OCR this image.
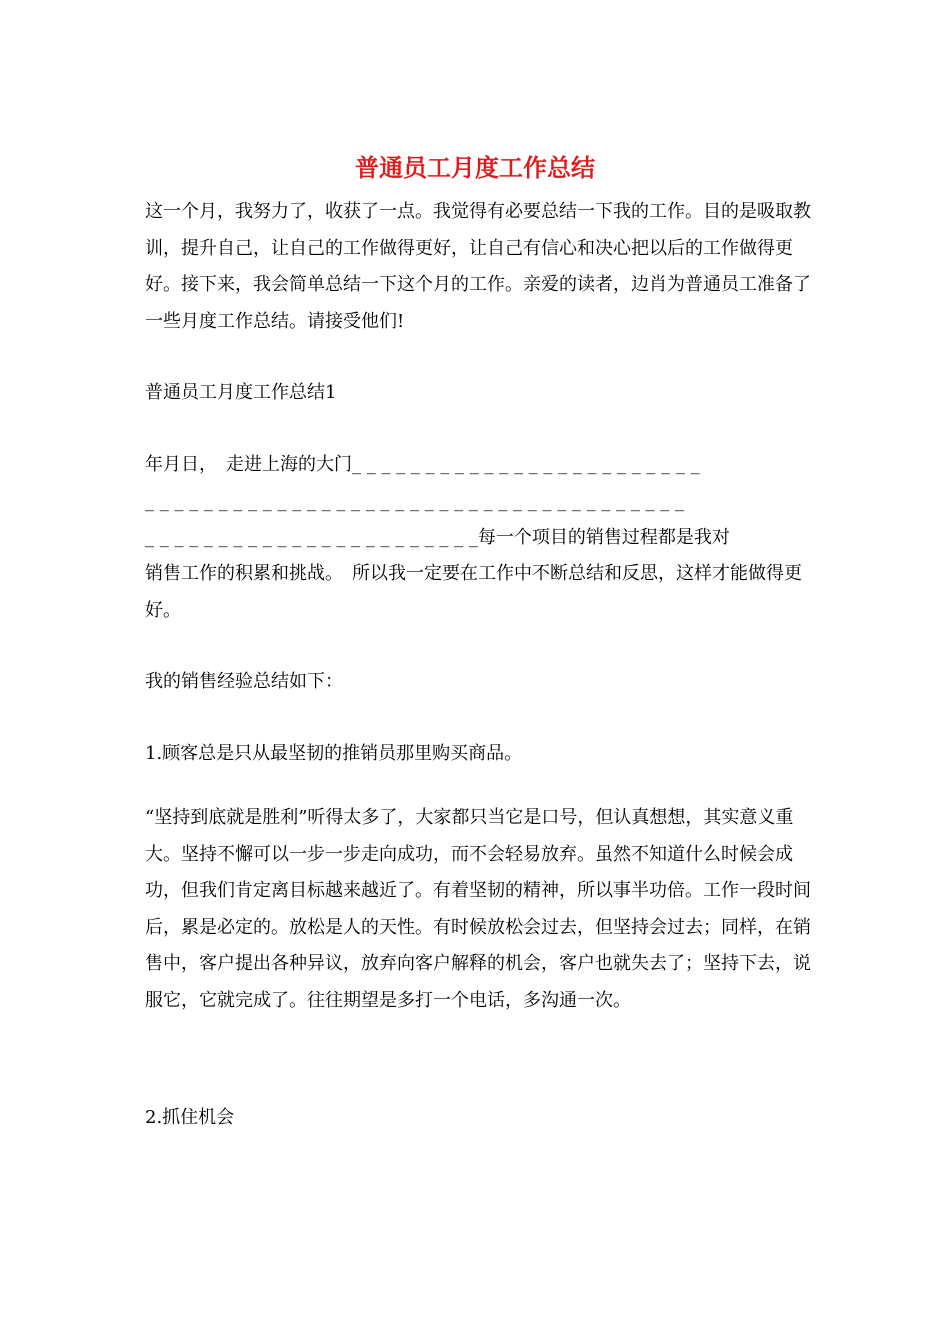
普通员工月度工作总结

这一个月，我努力了，收获了一点。我觉得有必要总结一下我的工作。目的是吸取教训，提升自己，让自己的工作做得更好，让自己有信心和决心把以后的工作做得更好。接下来，我会简单总结一下这个月的工作。亲爱的读者，边肖为普通员工准备了一些月度工作总结。请接受他们!

普通员工月度工作总结1
年月日，　走进上海的大门_ _ _ _ _ _ _ _ _ _ _ _ _ _ _ _ _ _ _ _ _ _ _ _
_ _ _ _ _ _ _ _ _ _ _ _ _ _ _ _ _ _ _ _ _ _ _ _ _ _ _ _ _ _ _ _ _ _ _ _ _
_ _ _ _ _ _ _ _ _ _ _ _ _ _ _ _ _ _ _ _ _ _ _每一个项目的销售过程都是我对

销售工作的积累和挑战。　所以我一定要在工作中不断总结和反思，这样才能做得更好。

我的销售经验总结如下：
1.顾客总是只从最坚韧的推销员那里购买商品。

“坚持到底就是胜利”听得太多了，大家都只当它是口号，但认真想想，其实意义重大。坚持不懈可以一步一步走向成功，而不会轻易放弃。虽然不知道什么时候会成功，但我们肯定离目标越来越近了。有着坚韧的精神，所以事半功倍。工作一段时间后，累是必定的。放松是人的天性。有时候放松会过去，但坚持会过去；同样，在销售中，客户提出各种异议，放弃向客户解释的机会，客户也就失去了；坚持下去，说服它，它就完成了。往往期望是多打一个电话，多沟通一次。

2.抓住机会
